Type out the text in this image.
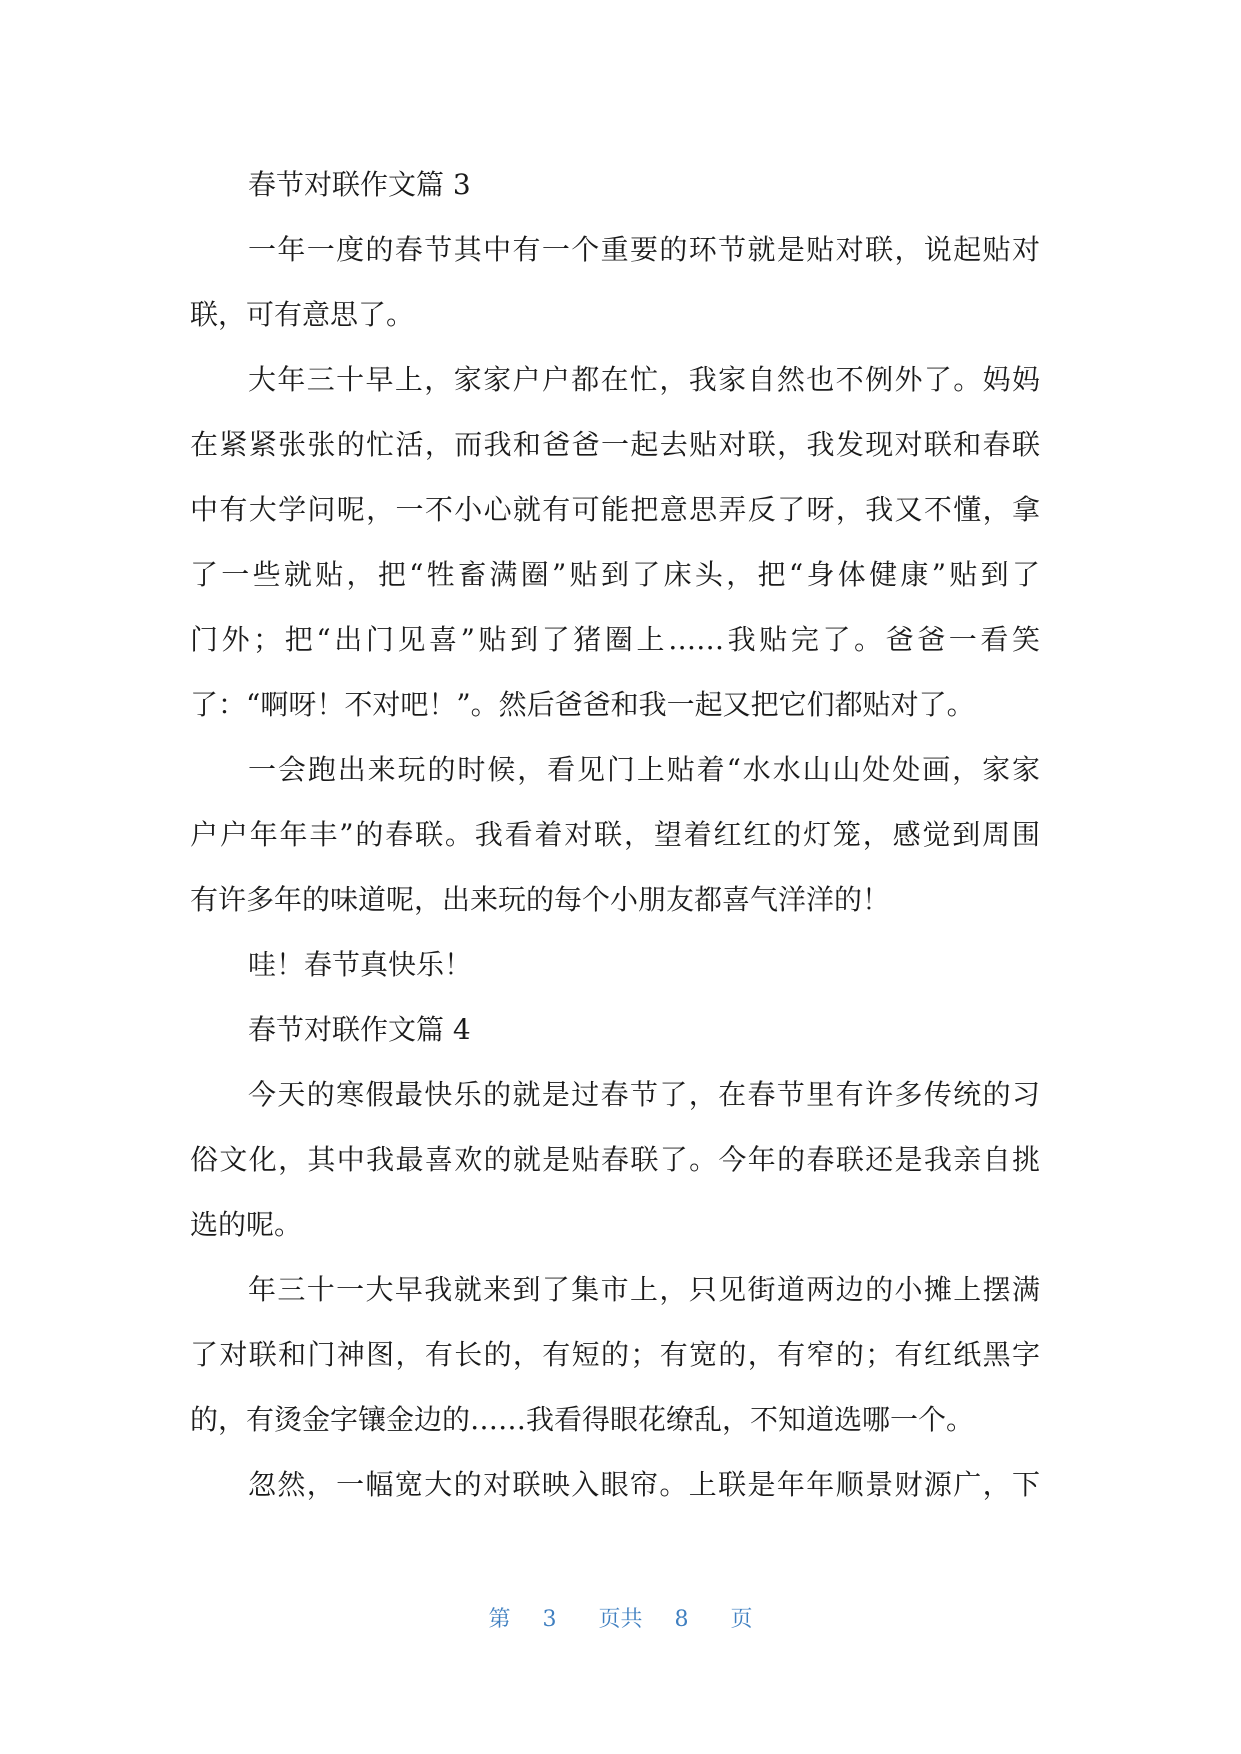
春节对联作文篇 3
一年一度的春节其中有一个重要的环节就是贴对联，说起贴对
联，可有意思了。
大年三十早上，家家户户都在忙，我家自然也不例外了。妈妈
在紧紧张张的忙活，而我和爸爸一起去贴对联，我发现对联和春联
中有大学问呢，一不小心就有可能把意思弄反了呀，我又不懂，拿
了一些就贴，把“牲畜满圈”贴到了床头，把“身体健康”贴到了
门外；把“出门见喜”贴到了猪圈上……我贴完了。爸爸一看笑
了：“啊呀！不对吧！”。然后爸爸和我一起又把它们都贴对了。
一会跑出来玩的时候，看见门上贴着“水水山山处处画，家家
户户年年丰”的春联。我看着对联，望着红红的灯笼，感觉到周围
有许多年的味道呢，出来玩的每个小朋友都喜气洋洋的！
哇！春节真快乐！
春节对联作文篇 4
今天的寒假最快乐的就是过春节了，在春节里有许多传统的习
俗文化，其中我最喜欢的就是贴春联了。今年的春联还是我亲自挑
选的呢。
年三十一大早我就来到了集市上，只见街道两边的小摊上摆满
了对联和门神图，有长的，有短的；有宽的，有窄的；有红纸黑字
的，有烫金字镶金边的……我看得眼花缭乱，不知道选哪一个。
忽然，一幅宽大的对联映入眼帘。上联是年年顺景财源广，下
第 3 页共 8 页
